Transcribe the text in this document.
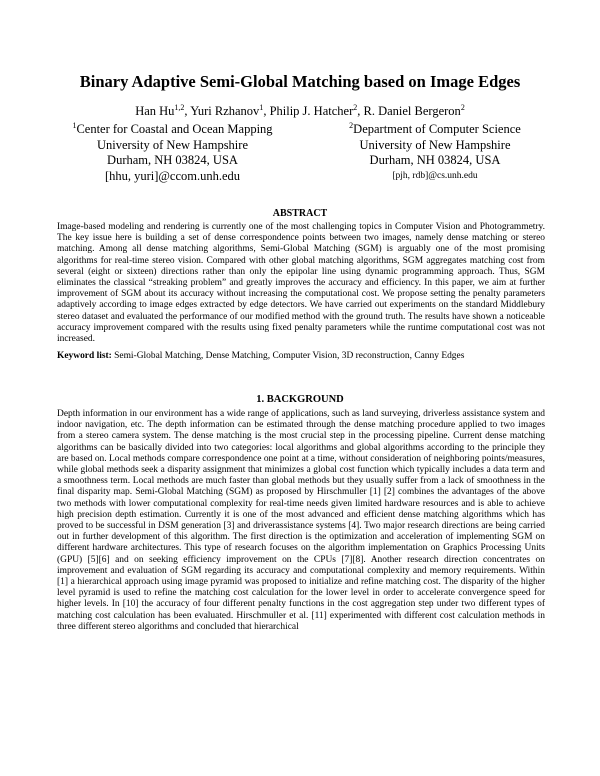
Binary Adaptive Semi-Global Matching based on Image Edges
Han Hu$^{1,2}$, Yuri Rzhanov$^1$, Philip J. Hatcher$^2$, R. Daniel Bergeron$^2$
$^1$Center for Coastal and Ocean Mapping
University of New Hampshire
Durham, NH 03824, USA
[hhu, yuri]@ccom.unh.edu
$^2$Department of Computer Science
University of New Hampshire
Durham, NH 03824, USA
[pjh, rdb]@cs.unh.edu
ABSTRACT
Image-based modeling and rendering is currently one of the most challenging topics in Computer Vision and Photogrammetry. The key issue here is building a set of dense correspondence points between two images, namely dense matching or stereo matching. Among all dense matching algorithms, Semi-Global Matching (SGM) is arguably one of the most promising algorithms for real-time stereo vision. Compared with other global matching algorithms, SGM aggregates matching cost from several (eight or sixteen) directions rather than only the epipolar line using dynamic programming approach. Thus, SGM eliminates the classical “streaking problem” and greatly improves the accuracy and efficiency. In this paper, we aim at further improvement of SGM about its accuracy without increasing the computational cost. We propose setting the penalty parameters adaptively according to image edges extracted by edge detectors. We have carried out experiments on the standard Middlebury stereo dataset and evaluated the performance of our modified method with the ground truth. The results have shown a noticeable accuracy improvement compared with the results using fixed penalty parameters while the runtime computational cost was not increased.
Keyword list: Semi-Global Matching, Dense Matching, Computer Vision, 3D reconstruction, Canny Edges
1. BACKGROUND
Depth information in our environment has a wide range of applications, such as land surveying, driverless assistance system and indoor navigation, etc. The depth information can be estimated through the dense matching procedure applied to two images from a stereo camera system. The dense matching is the most crucial step in the processing pipeline. Current dense matching algorithms can be basically divided into two categories: local algorithms and global algorithms according to the principle they are based on. Local methods compare correspondence one point at a time, without consideration of neighboring points/measures, while global methods seek a disparity assignment that minimizes a global cost function which typically includes a data term and a smoothness term. Local methods are much faster than global methods but they usually suffer from a lack of smoothness in the final disparity map. Semi-Global Matching (SGM) as proposed by Hirschmuller [1] [2] combines the advantages of the above two methods with lower computational complexity for real-time needs given limited hardware resources and is able to achieve high precision depth estimation. Currently it is one of the most advanced and efficient dense matching algorithms which has proved to be successful in DSM generation [3] and driverassistance systems [4]. Two major research directions are being carried out in further development of this algorithm. The first direction is the optimization and acceleration of implementing SGM on different hardware architectures. This type of research focuses on the algorithm implementation on Graphics Processing Units (GPU) [5][6] and on seeking efficiency improvement on the CPUs [7][8]. Another research direction concentrates on improvement and evaluation of SGM regarding its accuracy and computational complexity and memory requirements. Within [1] a hierarchical approach using image pyramid was proposed to initialize and refine matching cost. The disparity of the higher level pyramid is used to refine the matching cost calculation for the lower level in order to accelerate convergence speed for higher levels. In [10] the accuracy of four different penalty functions in the cost aggregation step under two different types of matching cost calculation has been evaluated. Hirschmuller et al. [11] experimented with different cost calculation methods in three different stereo algorithms and concluded that hierarchical
